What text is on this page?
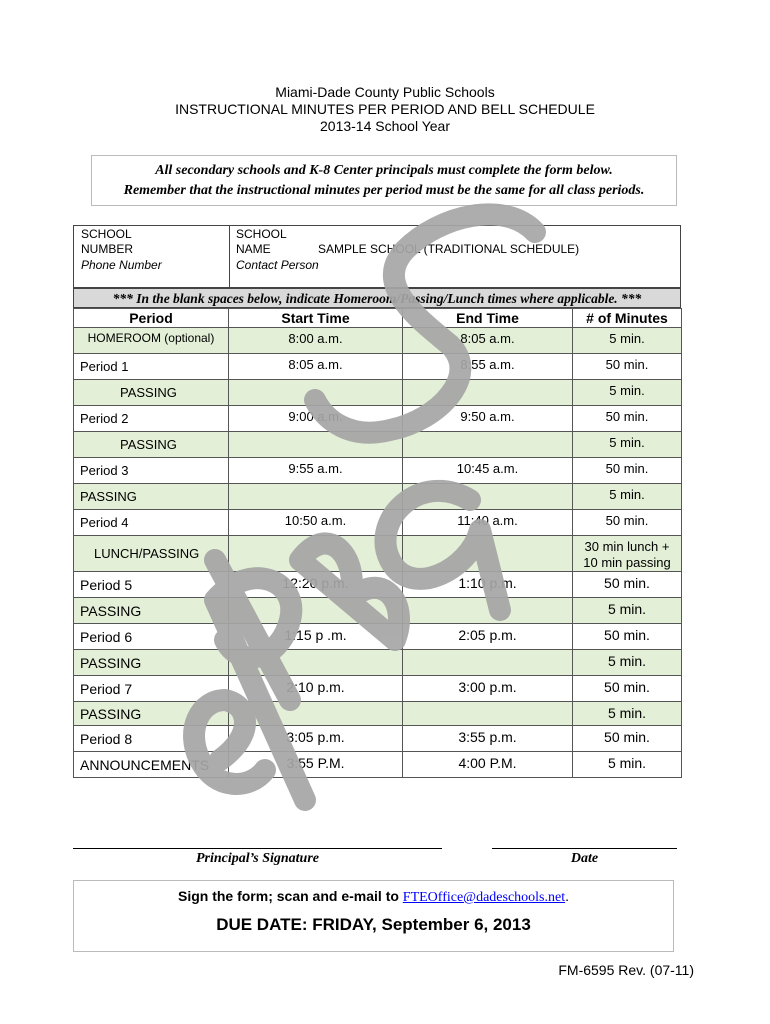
Miami-Dade County Public Schools
INSTRUCTIONAL MINUTES PER PERIOD AND BELL SCHEDULE
2013-14 School Year
All secondary schools and K-8 Center principals must complete the form below.
Remember that the instructional minutes per period must be the same for all class periods.
SCHOOL
NUMBER
Phone Number
SCHOOL
NAME	SAMPLE SCHOOL (TRADITIONAL SCHEDULE)
Contact Person
*** In the blank spaces below, indicate Homeroom/Passing/Lunch times where applicable. ***
Period	Start Time	End Time	# of Minutes
HOMEROOM (optional)	8:00 a.m.	8:05 a.m.	5 min.
Period 1	8:05 a.m.	8:55 a.m.	50 min.
PASSING			5 min.
Period 2	9:00 a.m.	9:50 a.m.	50 min.
PASSING			5 min.
Period 3	9:55 a.m.	10:45 a.m.	50 min.
PASSING			5 min.
Period 4	10:50 a.m.	11:40 a.m.	50 min.
LUNCH/PASSING			30 min lunch +
10 min passing

Period 5	12:20 p.m.	1:10 p.m.	50 min.
PASSING			5 min.
Period 6	1:15 p .m.	2:05 p.m.	50 min.
PASSING			5 min.
Period 7	2:10 p.m.	3:00 p.m.	50 min.
PASSING			5 min.
Period 8	3:05 p.m.	3:55 p.m.	50 min.
ANNOUNCEMENTS	3:55 P.M.	4:00 P.M.	5 min.
Principal’s Signature	Date
Sign the form; scan and e-mail to FTEOffice@dadeschools.net.
DUE DATE: FRIDAY, September 6, 2013
FM-6595 Rev. (07-11)
